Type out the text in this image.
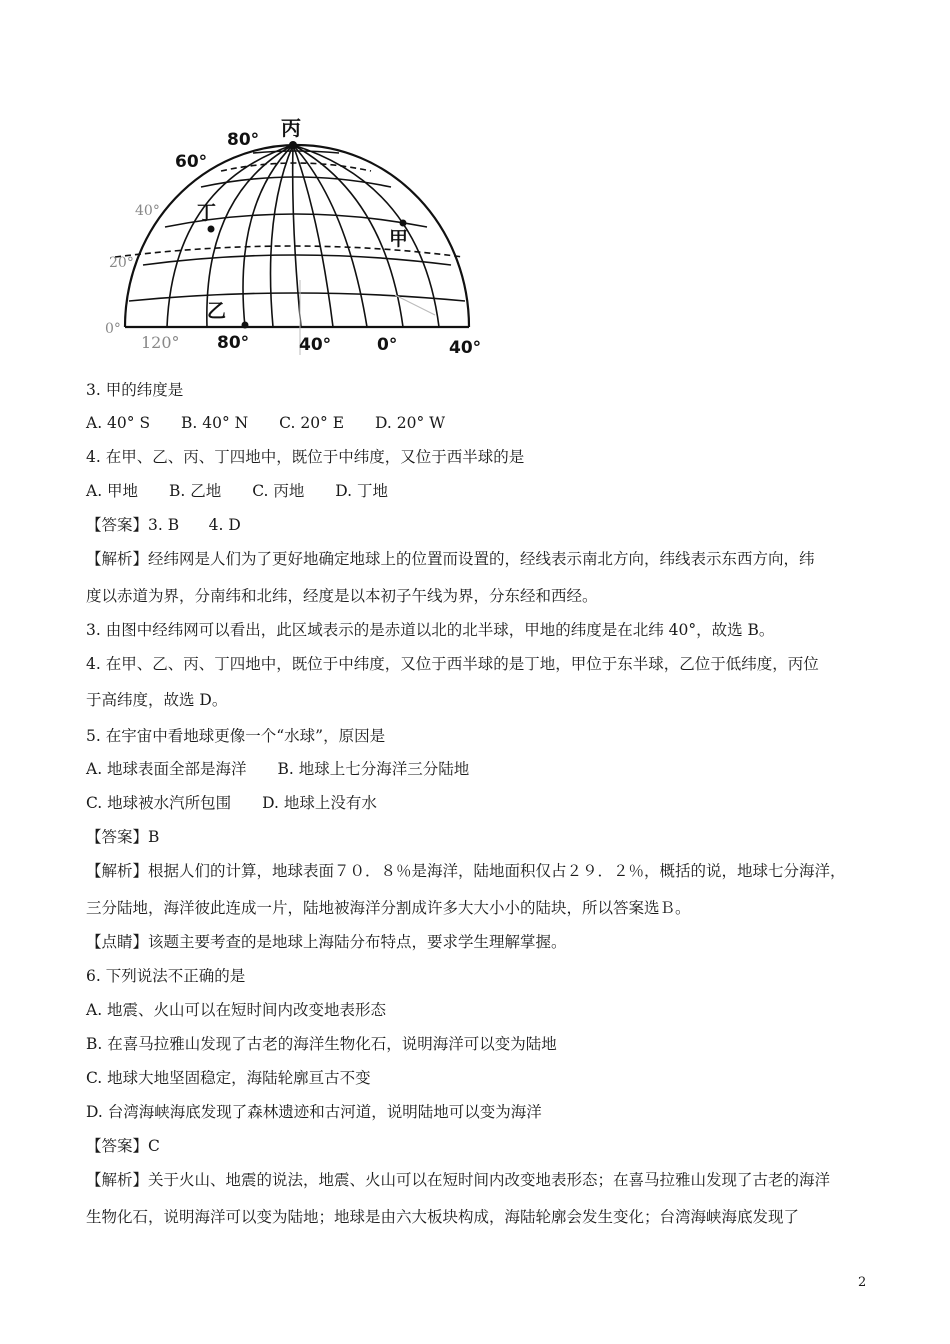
丙
80°
60°
40°
20°
0°
120° 80°	40°	0°	40°
丁
甲
乙
3. 甲的纬度是
A. 40° S B. 40° N C. 20° E D. 20° W
4. 在甲、乙、丙、丁四地中，既位于中纬度，又位于西半球的是
A. 甲地 B. 乙地 C. 丙地 D. 丁地
【答案】3. B      4. D
【解析】经纬网是人们为了更好地确定地球上的位置而设置的，经线表示南北方向，纬线表示东西方向，纬
度以赤道为界，分南纬和北纬，经度是以本初子午线为界，分东经和西经。
3. 由图中经纬网可以看出，此区域表示的是赤道以北的北半球，甲地的纬度是在北纬 40°，故选 B。
4. 在甲、乙、丙、丁四地中，既位于中纬度，又位于西半球的是丁地，甲位于东半球，乙位于低纬度，丙位
于高纬度，故选 D。
5. 在宇宙中看地球更像一个“水球”，原因是
A. 地球表面全部是海洋 B. 地球上七分海洋三分陆地
C. 地球被水汽所包围 D. 地球上没有水
【答案】B
【解析】根据人们的计算，地球表面７０．８％是海洋，陆地面积仅占２９．２％，概括的说，地球七分海洋，
三分陆地，海洋彼此连成一片，陆地被海洋分割成许多大大小小的陆块，所以答案选Ｂ。
【点睛】该题主要考查的是地球上海陆分布特点，要求学生理解掌握。
6. 下列说法不正确的是
A. 地震、火山可以在短时间内改变地表形态
B. 在喜马拉雅山发现了古老的海洋生物化石，说明海洋可以变为陆地
C. 地球大地坚固稳定，海陆轮廓亘古不变
D. 台湾海峡海底发现了森林遗迹和古河道，说明陆地可以变为海洋
【答案】C
【解析】关于火山、地震的说法，地震、火山可以在短时间内改变地表形态；在喜马拉雅山发现了古老的海洋
生物化石，说明海洋可以变为陆地；地球是由六大板块构成，海陆轮廓会发生变化；台湾海峡海底发现了
2
